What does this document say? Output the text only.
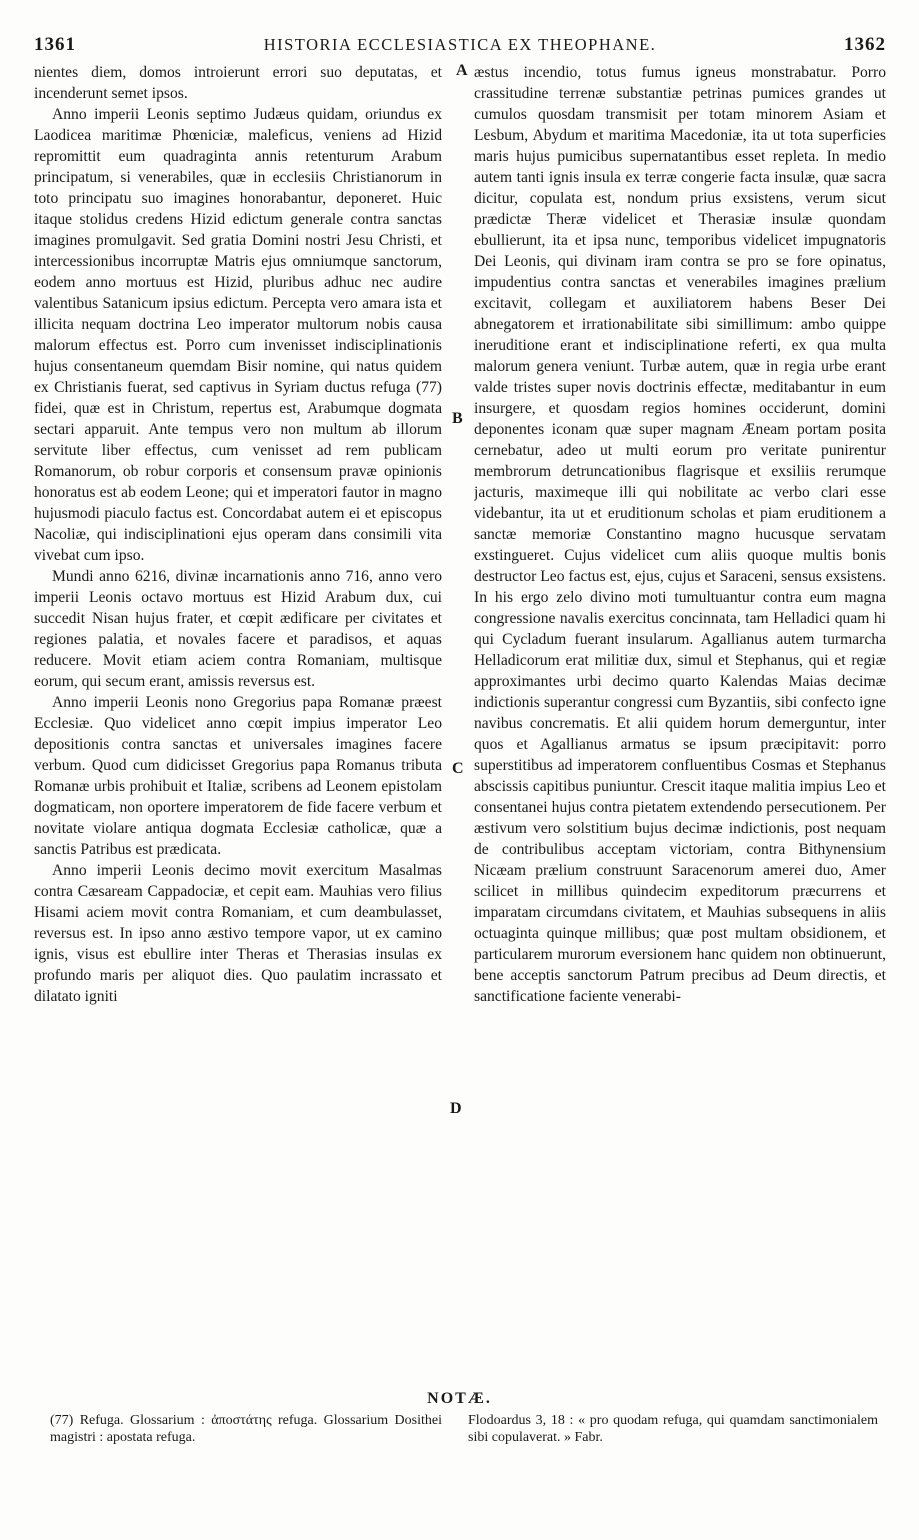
1361	HISTORIA ECCLESIASTICA EX THEOPHANE.	1362

nientes diem, domos introierunt errori suo deputatas, et incenderunt semet ipsos.

Anno imperii Leonis septimo Judæus quidam, oriundus ex Laodicea maritimæ Phœniciæ, maleficus, veniens ad Hizid repromittit eum quadraginta annis retenturum Arabum principatum, si venerabiles, quæ in ecclesiis Christianorum in toto principatu suo imagines honorabantur, deponeret. Huic itaque stolidus credens Hizid edictum generale contra sanctas imagines promulgavit. Sed gratia Domini nostri Jesu Christi, et intercessionibus incorruptæ Matris ejus omniumque sanctorum, eodem anno mortuus est Hizid, pluribus adhuc nec audire valentibus Satanicum ipsius edictum. Percepta vero amara ista et illicita nequam doctrina Leo imperator multorum nobis causa malorum effectus est. Porro cum invenisset indisciplinationis hujus consentaneum quemdam Bisir nomine, qui natus quidem ex Christianis fuerat, sed captivus in Syriam ductus refuga (77) fidei, quæ est in Christum, repertus est, Arabumque dogmata sectari apparuit. Ante tempus vero non multum ab illorum servitute liber effectus, cum venisset ad rem publicam Romanorum, ob robur corporis et consensum pravæ opinionis honoratus est ab eodem Leone; qui et imperatori fautor in magno hujusmodi piaculo factus est. Concordabat autem ei et episcopus Nacoliæ, qui indisciplinationi ejus operam dans consimili vita vivebat cum ipso.

Mundi anno 6216, divinæ incarnationis anno 716, anno vero imperii Leonis octavo mortuus est Hizid Arabum dux, cui succedit Nisan hujus frater, et cœpit ædificare per civitates et regiones palatia, et novales facere et paradisos, et aquas reducere. Movit etiam aciem contra Romaniam, multisque eorum, qui secum erant, amissis reversus est.

Anno imperii Leonis nono Gregorius papa Romanæ præest Ecclesiæ. Quo videlicet anno cœpit impius imperator Leo depositionis contra sanctas et universales imagines facere verbum. Quod cum didicisset Gregorius papa Romanus tributa Romanæ urbis prohibuit et Italiæ, scribens ad Leonem epistolam dogmaticam, non oportere imperatorem de fide facere verbum et novitate violare antiqua dogmata Ecclesiæ catholicæ, quæ a sanctis Patribus est prædicata.

Anno imperii Leonis decimo movit exercitum Masalmas contra Cæsaream Cappadociæ, et cepit eam. Mauhias vero filius Hisami aciem movit contra Romaniam, et cum deambulasset, reversus est. In ipso anno æstivo tempore vapor, ut ex camino ignis, visus est ebullire inter Theras et Therasias insulas ex profundo maris per aliquot dies. Quo paulatim incrassato et dilatato igniti

A
B
C
D

æstus incendio, totus fumus igneus monstrabatur. Porro crassitudine terrenæ substantiæ petrinas pumices grandes ut cumulos quosdam transmisit per totam minorem Asiam et Lesbum, Abydum et maritima Macedoniæ, ita ut tota superficies maris hujus pumicibus supernatantibus esset repleta. In medio autem tanti ignis insula ex terræ congerie facta insulæ, quæ sacra dicitur, copulata est, nondum prius exsistens, verum sicut prædictæ Theræ videlicet et Therasiæ insulæ quondam ebullierunt, ita et ipsa nunc, temporibus videlicet impugnatoris Dei Leonis, qui divinam iram contra se pro se fore opinatus, impudentius contra sanctas et venerabiles imagines prælium excitavit, collegam et auxiliatorem habens Beser Dei abnegatorem et irrationabilitate sibi simillimum: ambo quippe ineruditione erant et indisciplinatione referti, ex qua multa malorum genera veniunt. Turbæ autem, quæ in regia urbe erant valde tristes super novis doctrinis effectæ, meditabantur in eum insurgere, et quosdam regios homines occiderunt, domini deponentes iconam quæ super magnam Æneam portam posita cernebatur, adeo ut multi eorum pro veritate punirentur membrorum detruncationibus flagrisque et exsiliis rerumque jacturis, maximeque illi qui nobilitate ac verbo clari esse videbantur, ita ut et eruditionum scholas et piam eruditionem a sanctæ memoriæ Constantino magno hucusque servatam exstingueret. Cujus videlicet cum aliis quoque multis bonis destructor Leo factus est, ejus, cujus et Saraceni, sensus exsistens. In his ergo zelo divino moti tumultuantur contra eum magna congressione navalis exercitus concinnata, tam Helladici quam hi qui Cycladum fuerant insularum. Agallianus autem turmarcha Helladicorum erat militiæ dux, simul et Stephanus, qui et regiæ approximantes urbi decimo quarto Kalendas Maias decimæ indictionis superantur congressi cum Byzantiis, sibi confecto igne navibus concrematis. Et alii quidem horum demerguntur, inter quos et Agallianus armatus se ipsum præcipitavit: porro superstitibus ad imperatorem confluentibus Cosmas et Stephanus abscissis capitibus puniuntur. Crescit itaque malitia impius Leo et consentanei hujus contra pietatem extendendo persecutionem. Per æstivum vero solstitium bujus decimæ indictionis, post nequam de contribulibus acceptam victoriam, contra Bithynensium Nicæam prælium construunt Saracenorum amerei duo, Amer scilicet in millibus quindecim expeditorum præcurrens et imparatam circumdans civitatem, et Mauhias subsequens in aliis octuaginta quinque millibus; quæ post multam obsidionem, et particularem murorum eversionem hanc quidem non obtinuerunt, bene acceptis sanctorum Patrum precibus ad Deum directis, et sanctificatione faciente venerabi-

NOTÆ.
(77) Refuga. Glossarium : ἀποστάτης refuga. Glossarium Dosithei magistri : apostata refuga.
Flodoardus 3, 18 : « pro quodam refuga, qui quamdam sanctimonialem sibi copulaverat. » Fabr.
